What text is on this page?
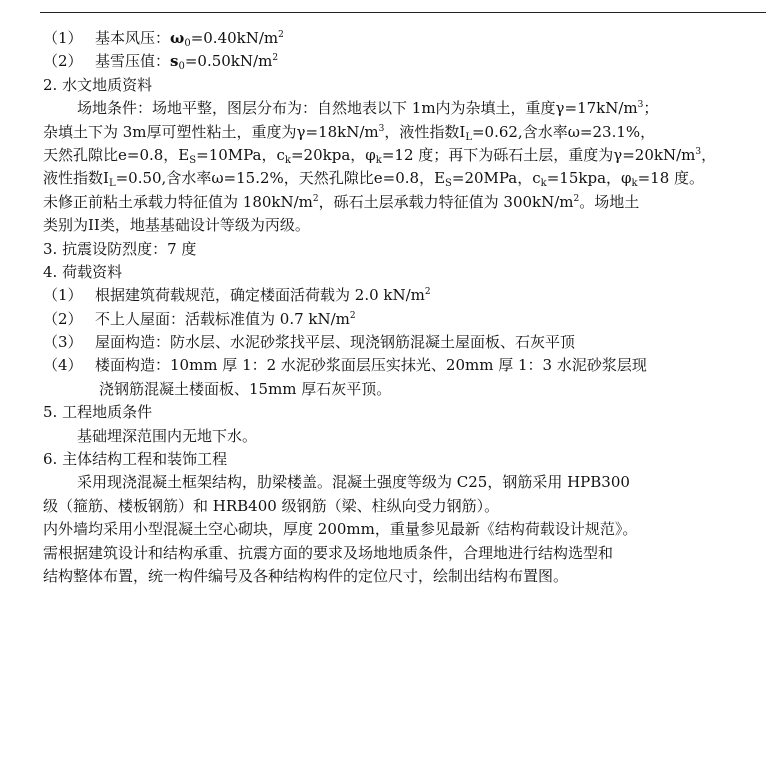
（1） 基本风压：$\omega_0=0.40kN/m^2$
（2） 基雪压值：$s_0=0.50kN/m^2$

2. 水文地质资料

场地条件：场地平整，图层分布为：自然地表以下 1m内为杂填土，重度$\gamma=17kN/m^3$；

杂填土下为 3m厚可塑性粘土，重度为$\gamma=18kN/m^3$，液性指数$I_L=0.62$,含水率ω=23.1%，

天然孔隙比e=0.8，$E_S=10MPa$，$c_k=20kpa$，$\varphi_k=12$ 度；再下为砾石土层，重度为$\gamma=20kN/m^3$，

液性指数$I_L=0.50$,含水率ω=15.2%，天然孔隙比e=0.8，$E_S=20MPa$，$c_k=15kpa$，$\varphi_k=18$ 度。

未修正前粘土承载力特征值为 $180kN/m^2$，砾石土层承载力特征值为 $300kN/m^2$。场地土

类别为II类，地基基础设计等级为丙级。

3. 抗震设防烈度：7 度

4. 荷载资料

（1） 根据建筑荷载规范，确定楼面活荷载为 2.0 $kN/m^2$
（2） 不上人屋面：活载标准值为 0.7 $kN/m^2$
（3） 屋面构造：防水层、水泥砂浆找平层、现浇钢筋混凝土屋面板、石灰平顶
（4） 楼面构造：10mm 厚 1：2 水泥砂浆面层压实抹光、20mm 厚 1：3 水泥砂浆层现

浇钢筋混凝土楼面板、15mm 厚石灰平顶。

5. 工程地质条件

基础埋深范围内无地下水。

6. 主体结构工程和装饰工程

采用现浇混凝土框架结构，肋梁楼盖。混凝土强度等级为 C25，钢筋采用 HPB300

级（箍筋、楼板钢筋）和 HRB400 级钢筋（梁、柱纵向受力钢筋）。

内外墙均采用小型混凝土空心砌块，厚度 200mm，重量参见最新《结构荷载设计规范》。

需根据建筑设计和结构承重、抗震方面的要求及场地地质条件，合理地进行结构选型和

结构整体布置，统一构件编号及各种结构构件的定位尺寸，绘制出结构布置图。
